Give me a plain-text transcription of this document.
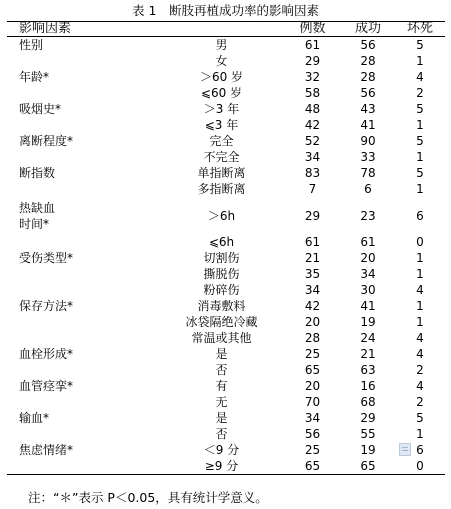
表 1　断肢再植成功率的影响因素
影响因素		例数	成功	坏死
性别	男	61	56	5
	女	29	28	1
年龄*	＞60 岁	32	28	4
	⩽60 岁	58	56	2
吸烟史*	＞3 年	48	43	5
	⩽3 年	42	41	1
离断程度*	完全	52	90	5
	不完全	34	33	1
断指数	单指断离	83	78	5
	多指断离	7	6	1
热缺血
时间*	＞6h	29	23	6
	⩽6h	61	61	0
受伤类型*	切割伤	21	20	1
	撕脱伤	35	34	1
	粉碎伤	34	30	4
保存方法*	消毒敷料	42	41	1
	冰袋隔绝冷藏	20	19	1
	常温或其他	28	24	4
血栓形成*	是	25	21	4
	否	65	63	2
血管痉挛*	有	20	16	4
	无	70	68	2
输血*	是	34	29	5
	否	56	55	1
焦虑情绪*	＜9 分	25	19	6
	≥9 分	65	65	0
注：“＊”表示 P＜0.05，具有统计学意义。
